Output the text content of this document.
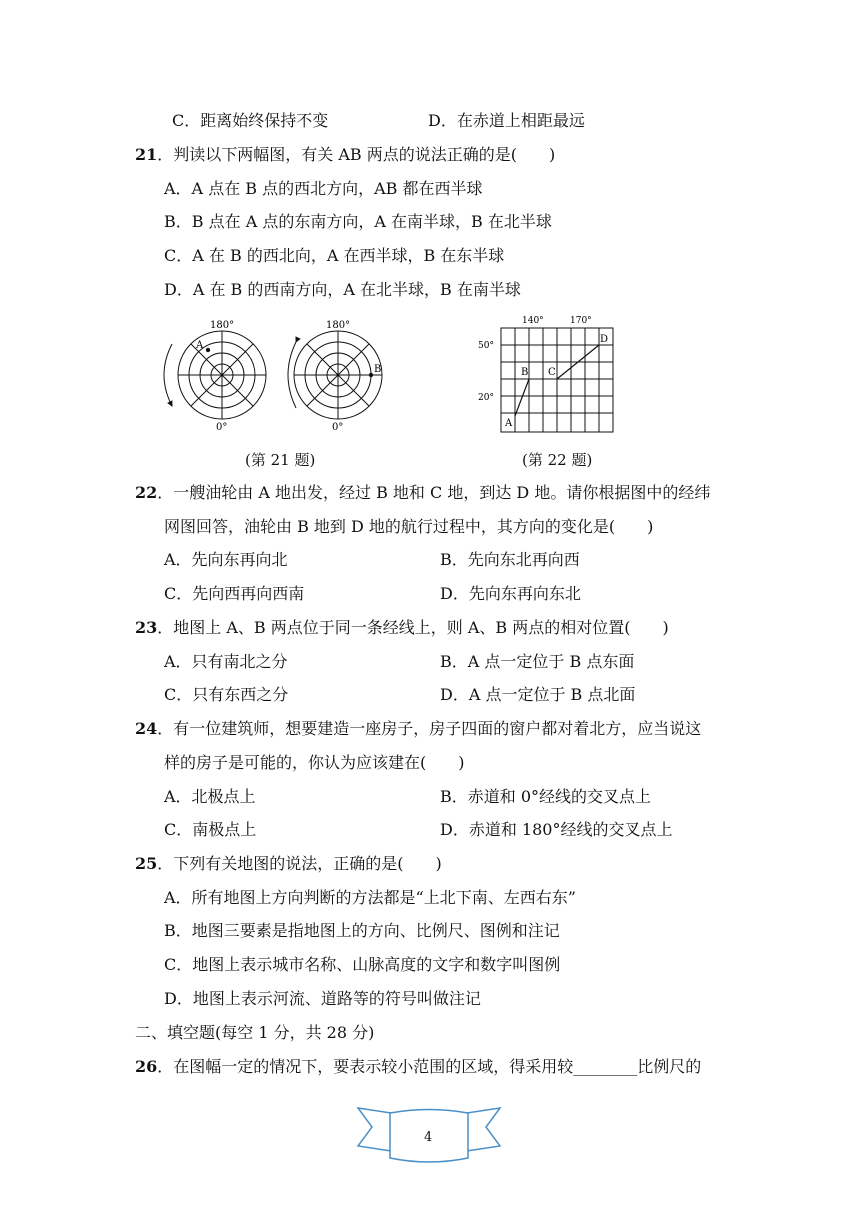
C．距离始终保持不变	D．在赤道上相距最远
21．判读以下两幅图，有关 AB 两点的说法正确的是(　　)
A．A 点在 B 点的西北方向，AB 都在西半球
B．B 点在 A 点的东南方向，A 在南半球，B 在北半球
C．A 在 B 的西北向，A 在西半球，B 在东半球
D．A 在 B 的西南方向，A 在北半球，B 在南半球
A
180°
0°
B
180°
0°
140°	170°
50°
20°
A
B C
D
(第 21 题)	(第 22 题)
22．一艘油轮由 A 地出发，经过 B 地和 C 地，到达 D 地。请你根据图中的经纬
网图回答，油轮由 B 地到 D 地的航行过程中，其方向的变化是(　　)
A．先向东再向北	B．先向东北再向西
C．先向西再向西南	D．先向东再向东北
23．地图上 A、B 两点位于同一条经线上，则 A、B 两点的相对位置(　　)
A．只有南北之分	B．A 点一定位于 B 点东面
C．只有东西之分	D．A 点一定位于 B 点北面
24．有一位建筑师，想要建造一座房子，房子四面的窗户都对着北方，应当说这
样的房子是可能的，你认为应该建在(　　)
A．北极点上	B．赤道和 0°经线的交叉点上
C．南极点上	D．赤道和 180°经线的交叉点上
25．下列有关地图的说法，正确的是(　　)
A．所有地图上方向判断的方法都是“上北下南、左西右东”
B．地图三要素是指地图上的方向、比例尺、图例和注记
C．地图上表示城市名称、山脉高度的文字和数字叫图例
D．地图上表示河流、道路等的符号叫做注记
二、填空题(每空 1 分，共 28 分)
26．在图幅一定的情况下，要表示较小范围的区域，得采用较________比例尺的
4
